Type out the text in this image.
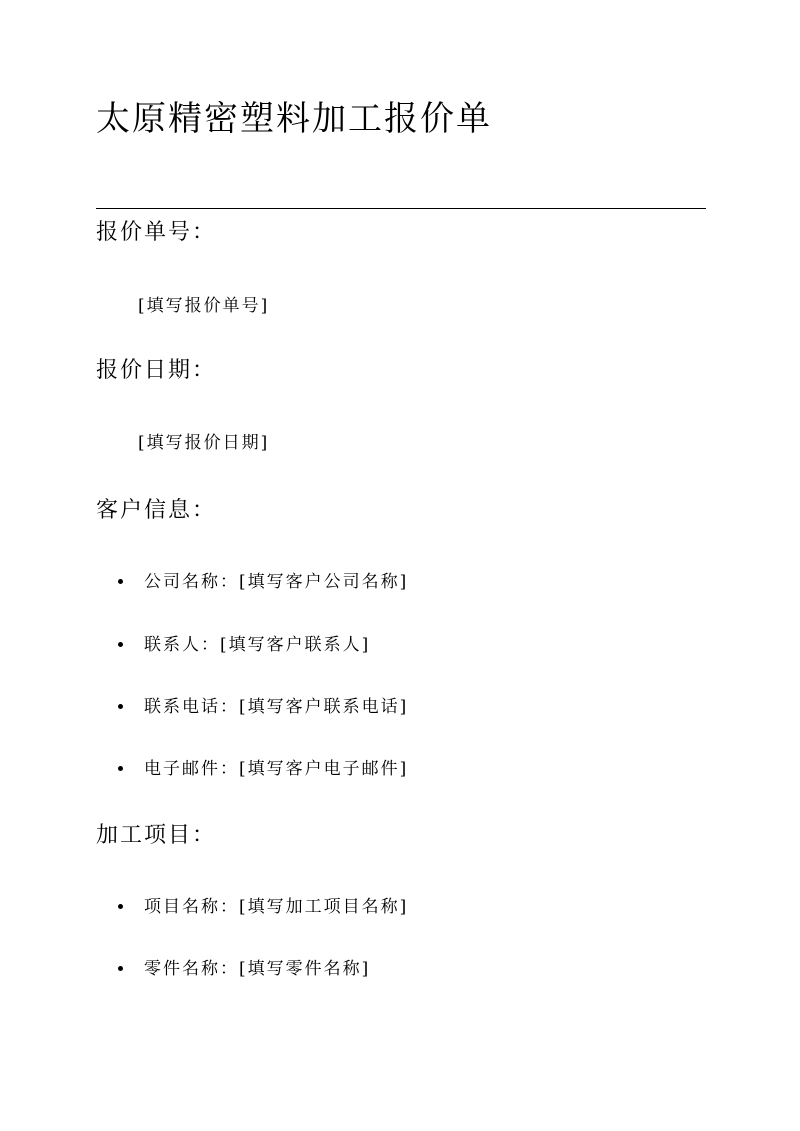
太原精密塑料加工报价单
报价单号：
[填写报价单号]
报价日期：
[填写报价日期]
客户信息：
公司名称：[填写客户公司名称]
联系人：[填写客户联系人]
联系电话：[填写客户联系电话]
电子邮件：[填写客户电子邮件]
加工项目：
项目名称：[填写加工项目名称]
零件名称：[填写零件名称]
